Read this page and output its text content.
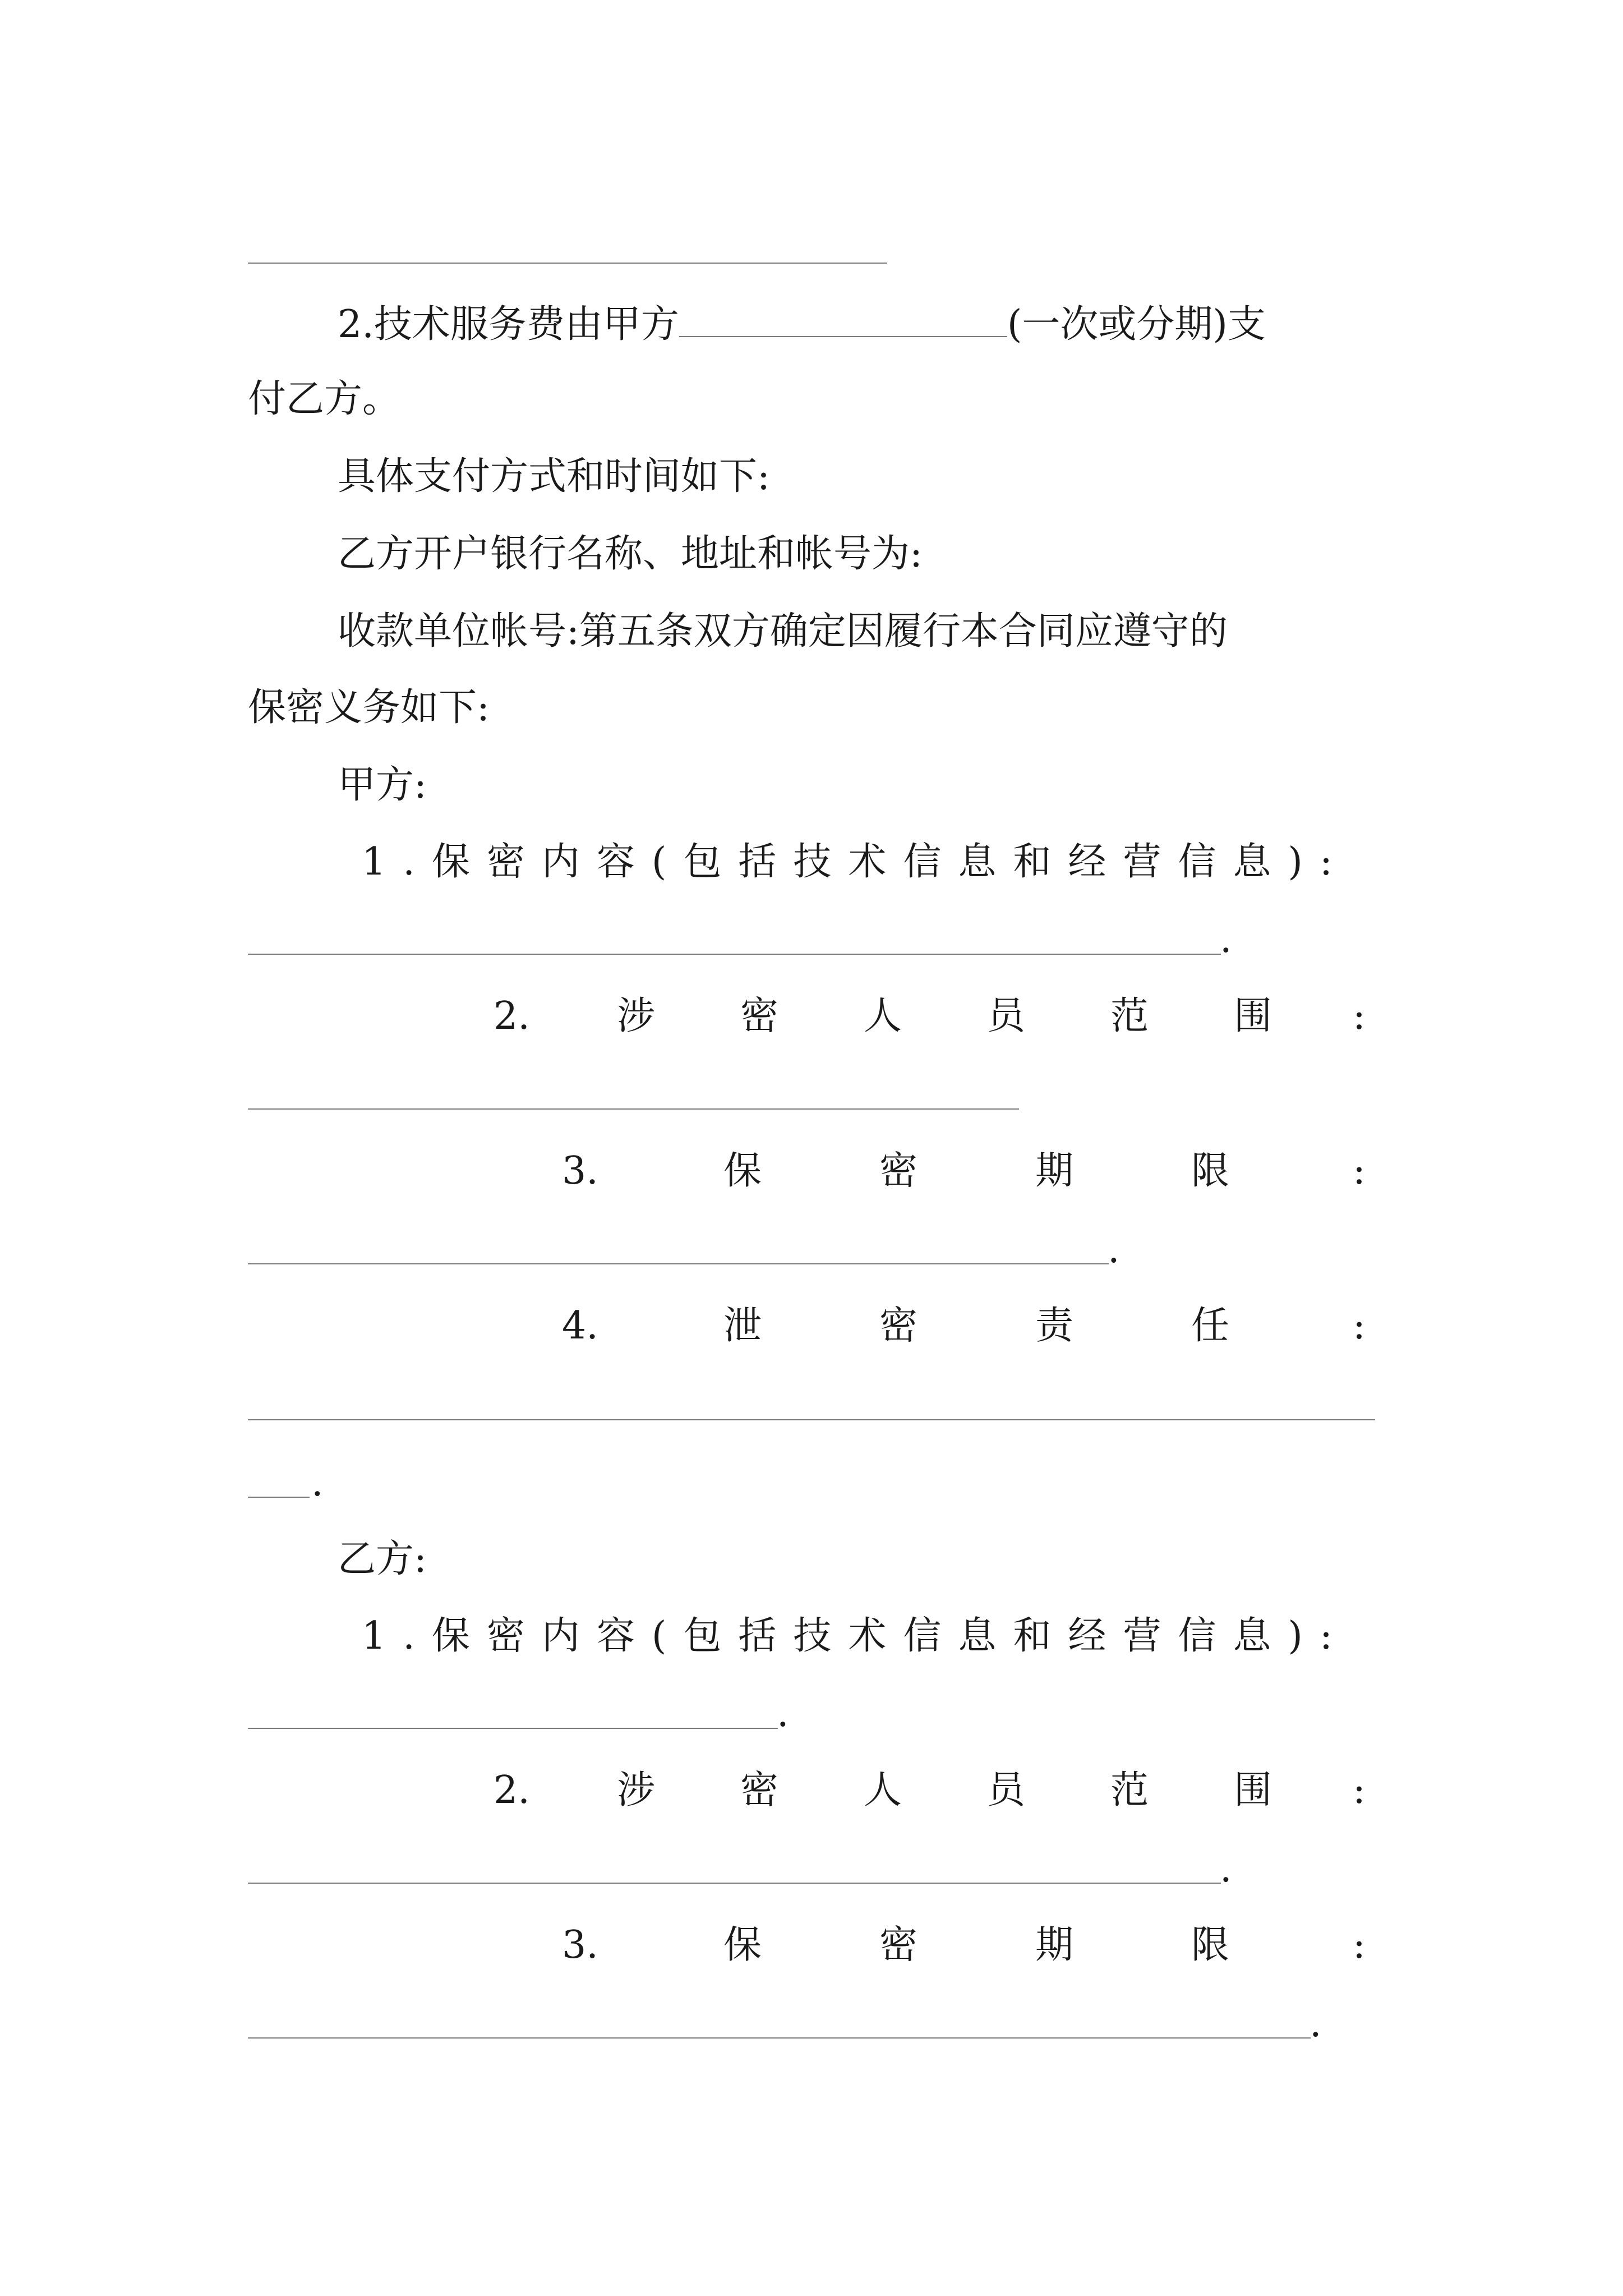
2.技术服务费由甲方	(一次或分期)支
付乙方。
具体支付方式和时间如下:
乙方开户银行名称、地址和帐号为:
收款单位帐号:第五条双方确定因履行本合同应遵守的
保密义务如下:
甲方:
1.保密内容(包括技术信息和经营信息):
.
2. 涉 密 人 员 范 围 :
3.	保	密	期	限	:
.
4.	泄	密	责	任	:
.
乙方:
1.保密内容(包括技术信息和经营信息):
.
2. 涉 密 人 员 范 围 :
.
3.	保	密	期	限	:
.
